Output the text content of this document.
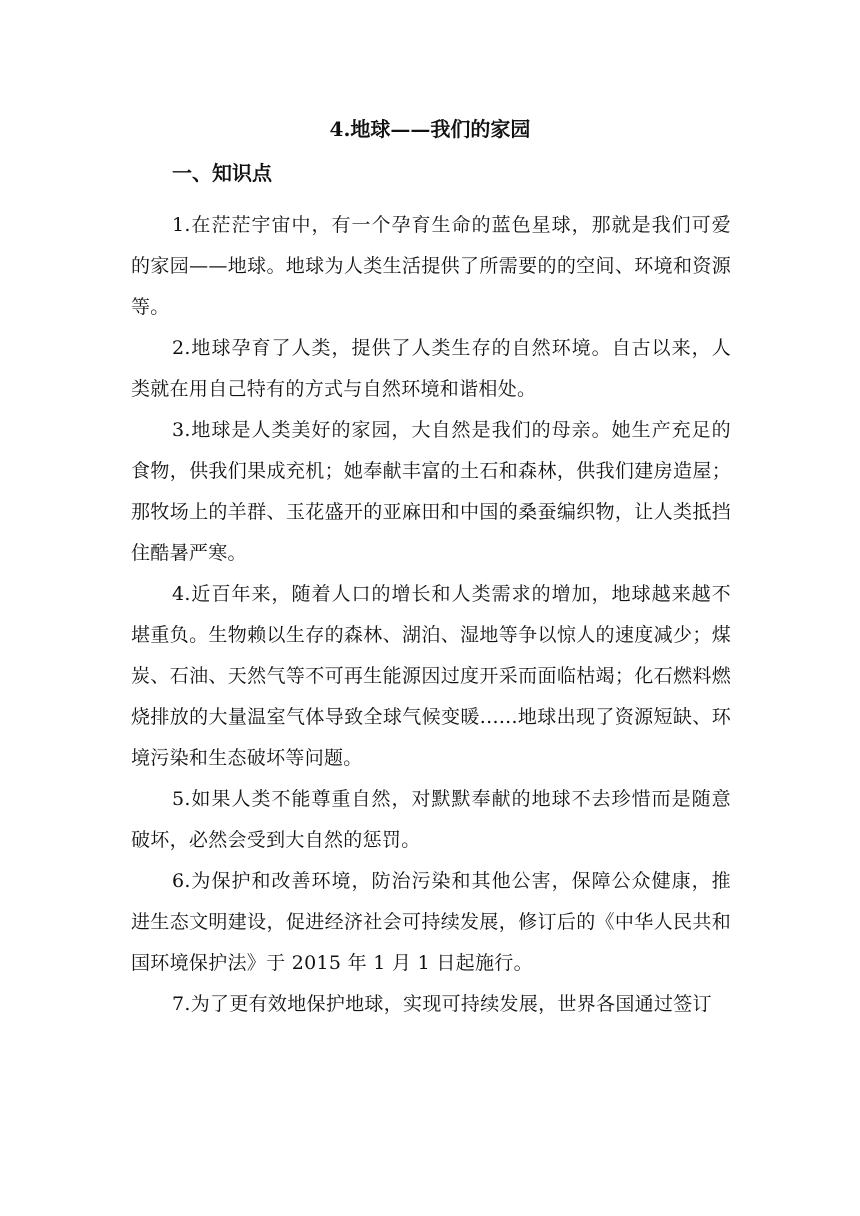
4.地球——我们的家园
一、知识点

1.在茫茫宇宙中，有一个孕育生命的蓝色星球，那就是我们可爱的家园——地球。地球为人类生活提供了所需要的的空间、环境和资源等。

2.地球孕育了人类，提供了人类生存的自然环境。自古以来，人类就在用自己特有的方式与自然环境和谐相处。

3.地球是人类美好的家园，大自然是我们的母亲。她生产充足的食物，供我们果成充机；她奉献丰富的土石和森林，供我们建房造屋；那牧场上的羊群、玉花盛开的亚麻田和中国的桑蚕编织物，让人类抵挡住酷暑严寒。

4.近百年来，随着人口的增长和人类需求的增加，地球越来越不堪重负。生物赖以生存的森林、湖泊、湿地等争以惊人的速度减少；煤炭、石油、天然气等不可再生能源因过度开采而面临枯竭；化石燃料燃烧排放的大量温室气体导致全球气候变暖......地球出现了资源短缺、环境污染和生态破坏等问题。

5.如果人类不能尊重自然，对默默奉献的地球不去珍惜而是随意破坏，必然会受到大自然的惩罚。

6.为保护和改善环境，防治污染和其他公害，保障公众健康，推进生态文明建设，促进经济社会可持续发展，修订后的《中华人民共和国环境保护法》于 2015 年 1 月 1 日起施行。

7.为了更有效地保护地球，实现可持续发展，世界各国通过签订
